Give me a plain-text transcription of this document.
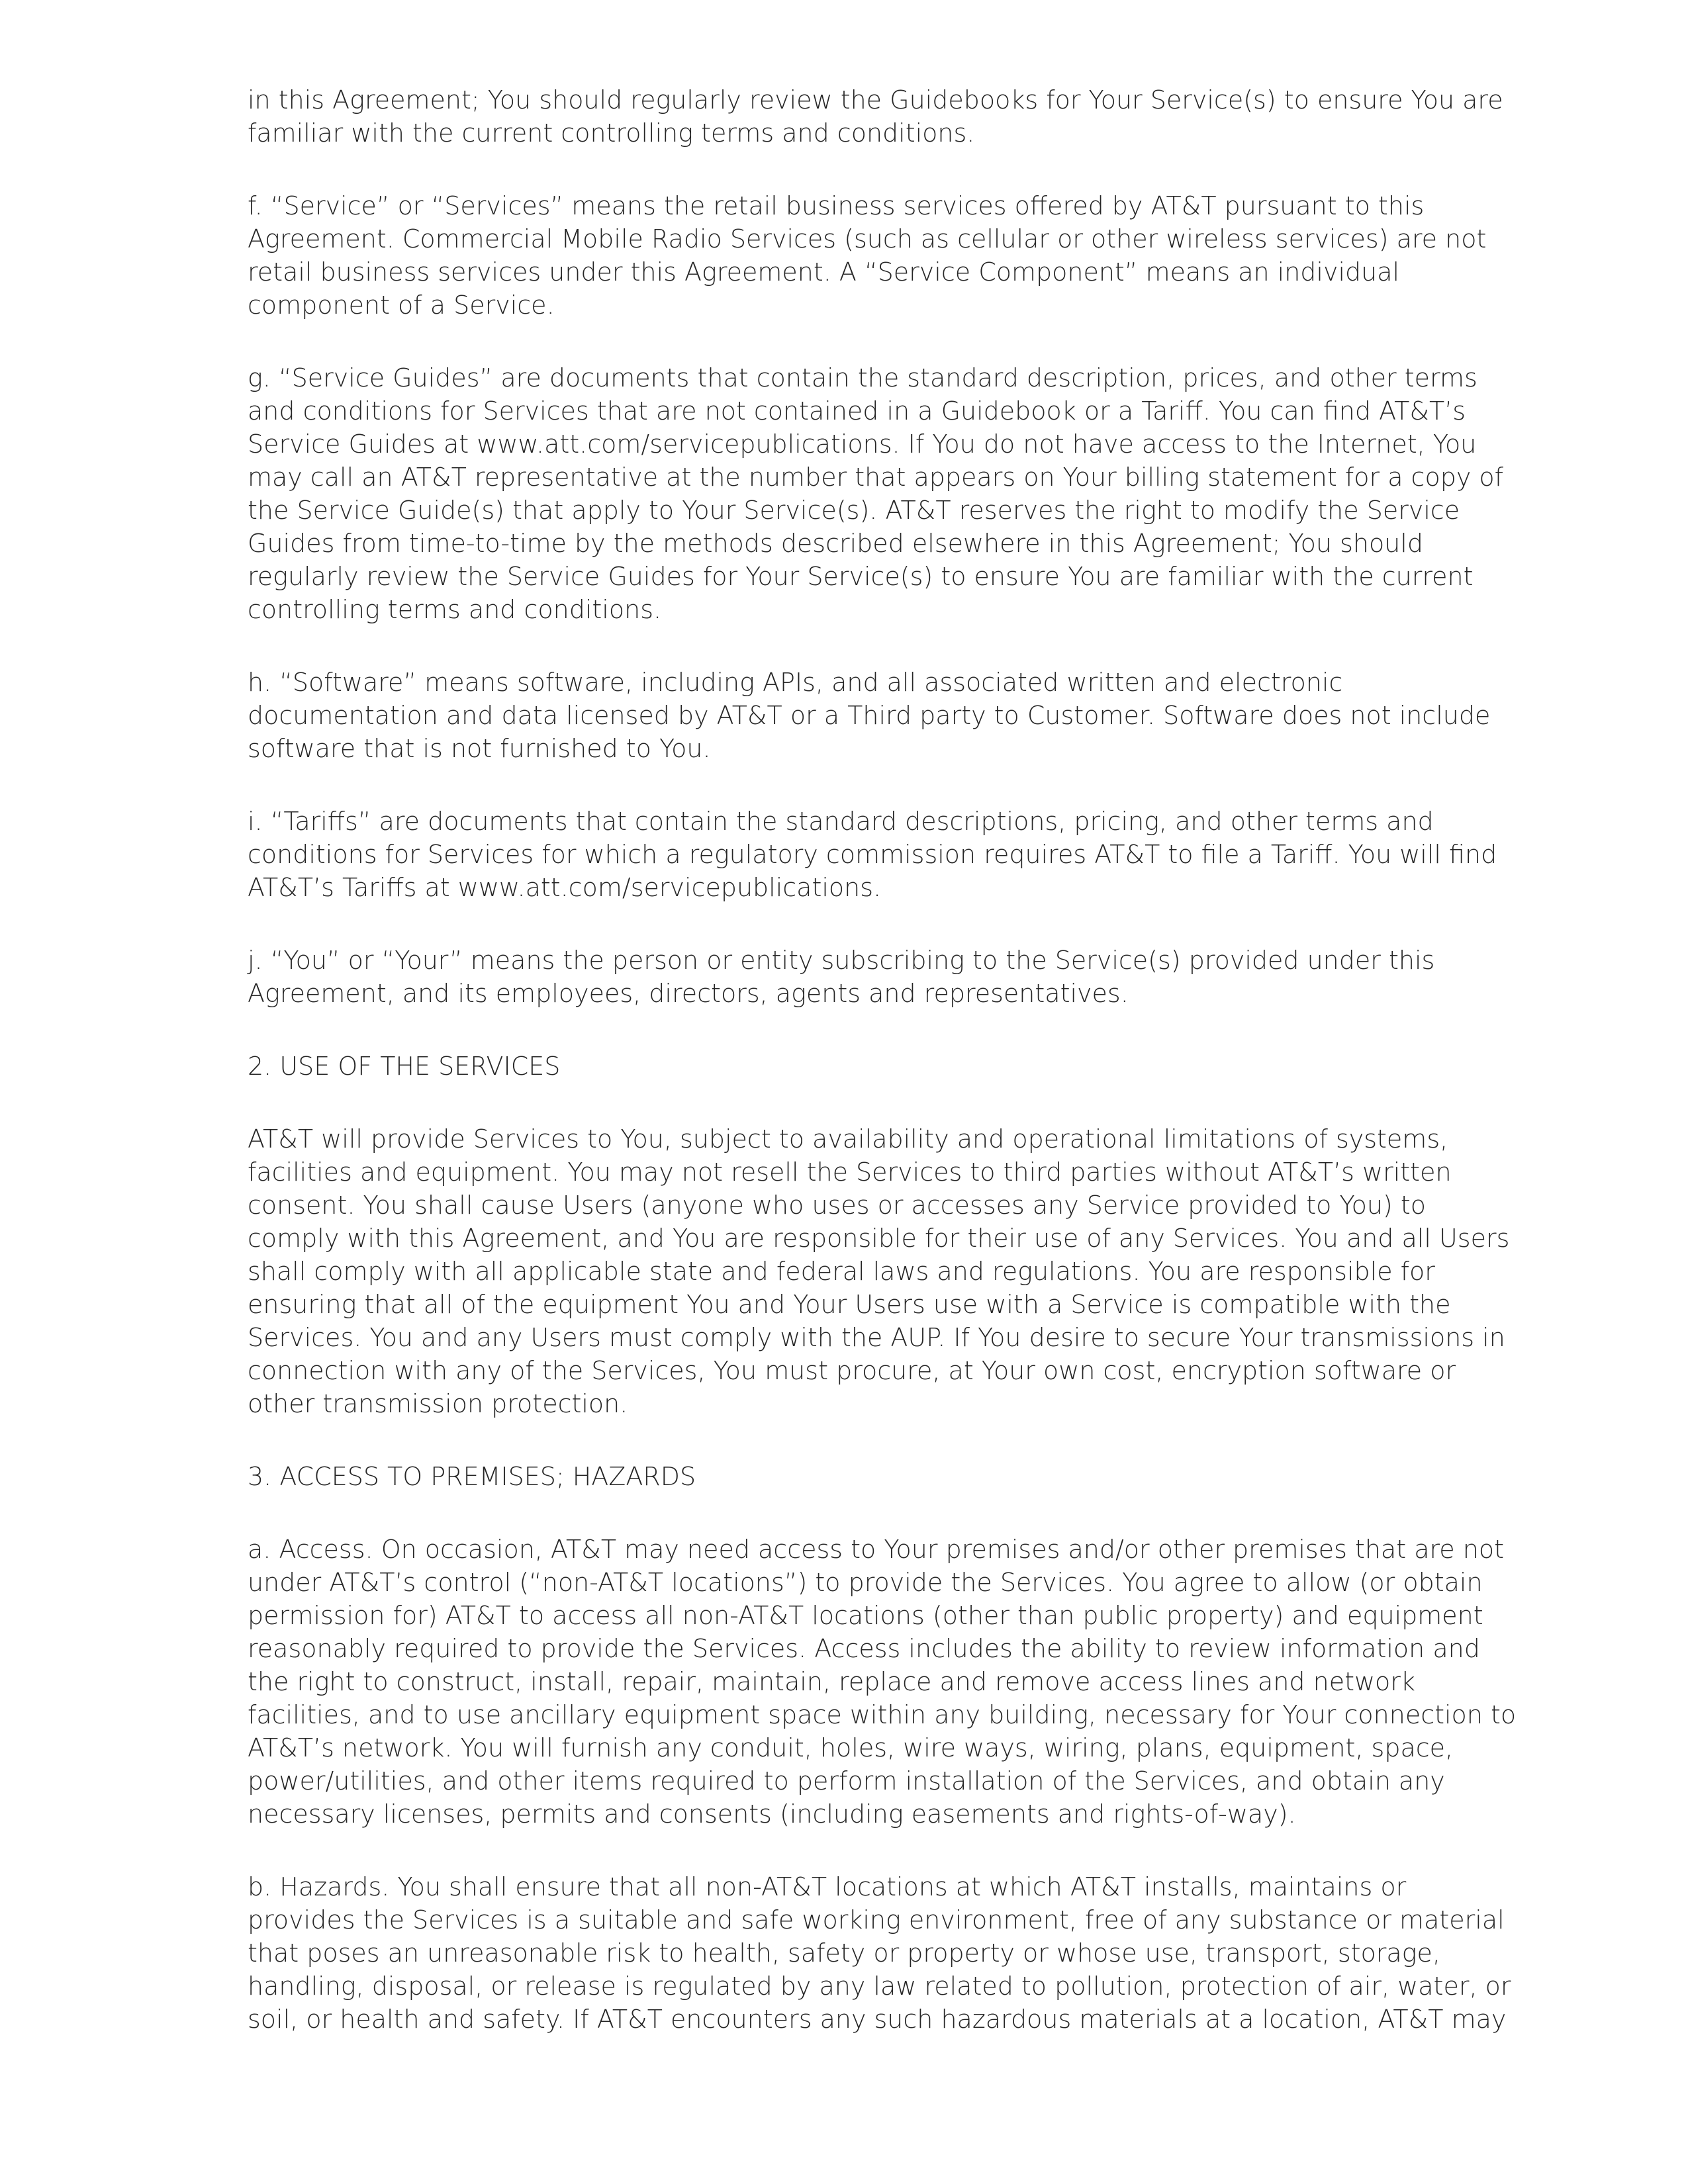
in this Agreement; You should regularly review the Guidebooks for Your Service(s) to ensure You are
familiar with the current controlling terms and conditions.
f. “Service” or “Services” means the retail business services offered by AT&T pursuant to this
Agreement. Commercial Mobile Radio Services (such as cellular or other wireless services) are not
retail business services under this Agreement. A “Service Component” means an individual
component of a Service.
g. “Service Guides” are documents that contain the standard description, prices, and other terms
and conditions for Services that are not contained in a Guidebook or a Tariff. You can find AT&T’s
Service Guides at www.att.com/servicepublications. If You do not have access to the Internet, You
may call an AT&T representative at the number that appears on Your billing statement for a copy of
the Service Guide(s) that apply to Your Service(s). AT&T reserves the right to modify the Service
Guides from time-to-time by the methods described elsewhere in this Agreement; You should
regularly review the Service Guides for Your Service(s) to ensure You are familiar with the current
controlling terms and conditions.
h. “Software” means software, including APIs, and all associated written and electronic
documentation and data licensed by AT&T or a Third party to Customer. Software does not include
software that is not furnished to You.
i. “Tariffs” are documents that contain the standard descriptions, pricing, and other terms and
conditions for Services for which a regulatory commission requires AT&T to file a Tariff. You will find
AT&T’s Tariffs at www.att.com/servicepublications.
j. “You” or “Your” means the person or entity subscribing to the Service(s) provided under this
Agreement, and its employees, directors, agents and representatives.
2. USE OF THE SERVICES
AT&T will provide Services to You, subject to availability and operational limitations of systems,
facilities and equipment. You may not resell the Services to third parties without AT&T’s written
consent. You shall cause Users (anyone who uses or accesses any Service provided to You) to
comply with this Agreement, and You are responsible for their use of any Services. You and all Users
shall comply with all applicable state and federal laws and regulations. You are responsible for
ensuring that all of the equipment You and Your Users use with a Service is compatible with the
Services. You and any Users must comply with the AUP. If You desire to secure Your transmissions in
connection with any of the Services, You must procure, at Your own cost, encryption software or
other transmission protection.
3. ACCESS TO PREMISES; HAZARDS
a. Access. On occasion, AT&T may need access to Your premises and/or other premises that are not
under AT&T’s control (“non-AT&T locations”) to provide the Services. You agree to allow (or obtain
permission for) AT&T to access all non-AT&T locations (other than public property) and equipment
reasonably required to provide the Services. Access includes the ability to review information and
the right to construct, install, repair, maintain, replace and remove access lines and network
facilities, and to use ancillary equipment space within any building, necessary for Your connection to
AT&T’s network. You will furnish any conduit, holes, wire ways, wiring, plans, equipment, space,
power/utilities, and other items required to perform installation of the Services, and obtain any
necessary licenses, permits and consents (including easements and rights-of-way).
b. Hazards. You shall ensure that all non-AT&T locations at which AT&T installs, maintains or
provides the Services is a suitable and safe working environment, free of any substance or material
that poses an unreasonable risk to health, safety or property or whose use, transport, storage,
handling, disposal, or release is regulated by any law related to pollution, protection of air, water, or
soil, or health and safety. If AT&T encounters any such hazardous materials at a location, AT&T may
